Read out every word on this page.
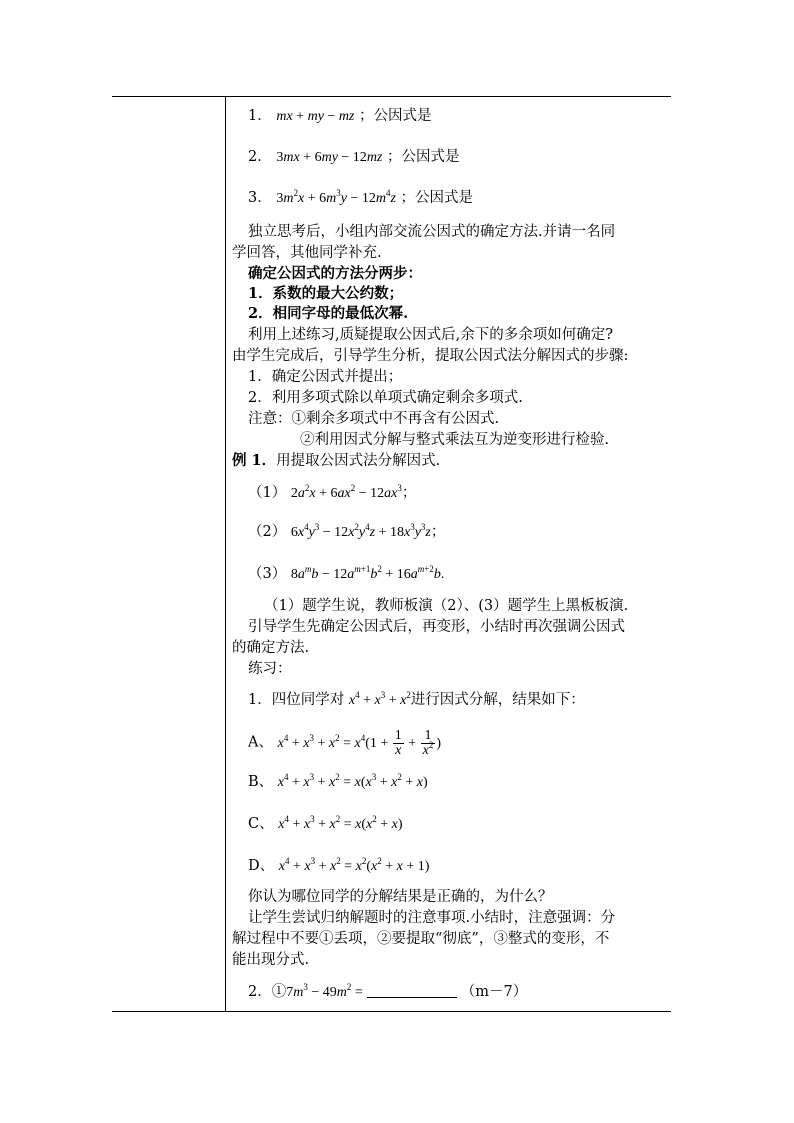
1． mx + my − mz ；公因式是
2． 3mx + 6my − 12mz ；公因式是
3． $3m^2x + 6m^3y - 12m^4z$ ；公因式是
独立思考后，小组内部交流公因式的确定方法.并请一名同
学回答，其他同学补充.
确定公因式的方法分两步：
1．系数的最大公约数；
2．相同字母的最低次幂.
利用上述练习,质疑提取公因式后,余下的多余项如何确定?
由学生完成后，引导学生分析，提取公因式法分解因式的步骤:
1．确定公因式并提出；
2．利用多项式除以单项式确定剩余多项式.
注意：①剩余多项式中不再含有公因式.
②利用因式分解与整式乘法互为逆变形进行检验.
例 1．用提取公因式法分解因式.
（1） $2a^2x + 6ax^2 - 12ax^3$；
（2） $6x^4y^3 - 12x^2y^4z + 18x^3y^3z$；
（3） $8a^mb - 12a^{m+1}b^2 + 16a^{m+2}b$.
（1）题学生说，教师板演（2）、(3）题学生上黑板板演.
引导学生先确定公因式后，再变形，小结时再次强调公因式
的确定方法.
练习：
1．四位同学对 $x^4 + x^3 + x^2$进行因式分解，结果如下：
A、 $x^4 + x^3 + x^2 = x^4(1 + \frac{1}{x} + \frac{1}{x^2}$ )
B、 $x^4 + x^3 + x^2 = x(x^3 + x^2 + x)$
C、 $x^4 + x^3 + x^2 = x(x^2 + x)$
D、 $x^4 + x^3 + x^2 = x^2(x^2 + x + 1)$
你认为哪位同学的分解结果是正确的，为什么？
让学生尝试归纳解题时的注意事项.小结时，注意强调：分
解过程中不要①丢项，②要提取“彻底”，③整式的变形，不
能出现分式.
2．$①7m^3 - 49m^2$ =	（m－7）
